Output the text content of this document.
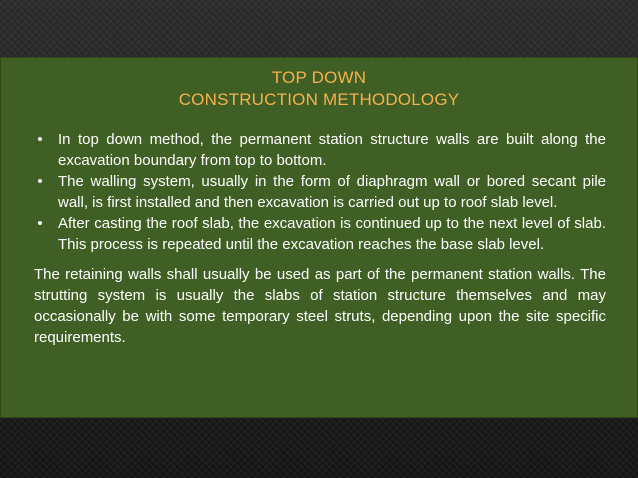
TOP DOWN
CONSTRUCTION METHODOLOGY
• In top down method, the permanent station structure walls are built along the excavation boundary from top to bottom.
• The walling system, usually in the form of diaphragm wall or bored secant pile wall, is first installed and then excavation is carried out up to roof slab level.
• After casting the roof slab, the excavation is continued up to the next level of slab. This process is repeated until the excavation reaches the base slab level.

The retaining walls shall usually be used as part of the permanent station walls. The strutting system is usually the slabs of station structure themselves and may occasionally be with some temporary steel struts, depending upon the site specific requirements.
